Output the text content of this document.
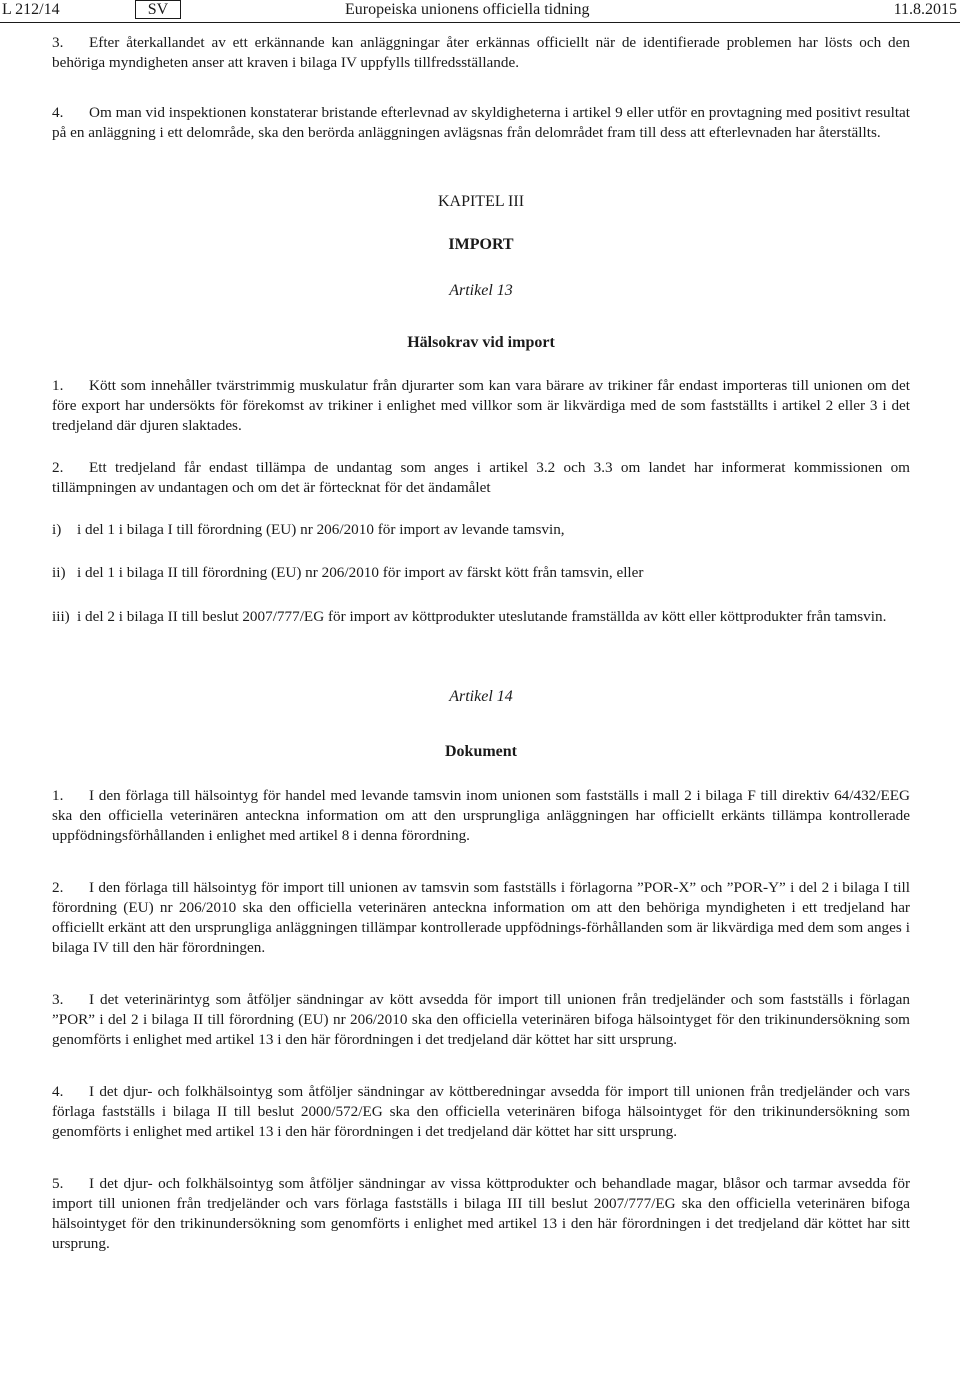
L 212/14	SV	Europeiska unionens officiella tidning	11.8.2015

3. Efter återkallandet av ett erkännande kan anläggningar åter erkännas officiellt när de identifierade problemen har lösts och den behöriga myndigheten anser att kraven i bilaga IV uppfylls tillfredsställande.

4. Om man vid inspektionen konstaterar bristande efterlevnad av skyldigheterna i artikel 9 eller utför en provtagning med positivt resultat på en anläggning i ett delområde, ska den berörda anläggningen avlägsnas från delområdet fram till dess att efterlevnaden har återställts.

KAPITEL III
IMPORT
Artikel 13
Hälsokrav vid import

1. Kött som innehåller tvärstrimmig muskulatur från djurarter som kan vara bärare av trikiner får endast importeras till unionen om det före export har undersökts för förekomst av trikiner i enlighet med villkor som är likvärdiga med de som fastställts i artikel 2 eller 3 i det tredjeland där djuren slaktades.

2. Ett tredjeland får endast tillämpa de undantag som anges i artikel 3.2 och 3.3 om landet har informerat kommissionen om tillämpningen av undantagen och om det är förtecknat för det ändamålet

i)	i del 1 i bilaga I till förordning (EU) nr 206/2010 för import av levande tamsvin,
ii) i del 1 i bilaga II till förordning (EU) nr 206/2010 för import av färskt kött från tamsvin, eller
iii) i del 2 i bilaga II till beslut 2007/777/EG för import av köttprodukter uteslutande framställda av kött eller köttprodukter från tamsvin.
Artikel 14
Dokument

1. I den förlaga till hälsointyg för handel med levande tamsvin inom unionen som fastställs i mall 2 i bilaga F till direktiv 64/432/EEG ska den officiella veterinären anteckna information om att den ursprungliga anläggningen har officiellt erkänts tillämpa kontrollerade uppfödningsförhållanden i enlighet med artikel 8 i denna förordning.

2. I den förlaga till hälsointyg för import till unionen av tamsvin som fastställs i förlagorna ”POR-X” och ”POR-Y” i del 2 i bilaga I till förordning (EU) nr 206/2010 ska den officiella veterinären anteckna information om att den behöriga myndigheten i ett tredjeland har officiellt erkänt att den ursprungliga anläggningen tillämpar kontrollerade uppfödnings-förhållanden som är likvärdiga med dem som anges i bilaga IV till den här förordningen.

3. I det veterinärintyg som åtföljer sändningar av kött avsedda för import till unionen från tredjeländer och som fastställs i förlagan ”POR” i del 2 i bilaga II till förordning (EU) nr 206/2010 ska den officiella veterinären bifoga hälsointyget för den trikinundersökning som genomförts i enlighet med artikel 13 i den här förordningen i det tredjeland där köttet har sitt ursprung.

4. I det djur- och folkhälsointyg som åtföljer sändningar av köttberedningar avsedda för import till unionen från tredjeländer och vars förlaga fastställs i bilaga II till beslut 2000/572/EG ska den officiella veterinären bifoga hälsointyget för den trikinundersökning som genomförts i enlighet med artikel 13 i den här förordningen i det tredjeland där köttet har sitt ursprung.

5. I det djur- och folkhälsointyg som åtföljer sändningar av vissa köttprodukter och behandlade magar, blåsor och tarmar avsedda för import till unionen från tredjeländer och vars förlaga fastställs i bilaga III till beslut 2007/777/EG ska den officiella veterinären bifoga hälsointyget för den trikinundersökning som genomförts i enlighet med artikel 13 i den här förordningen i det tredjeland där köttet har sitt ursprung.
